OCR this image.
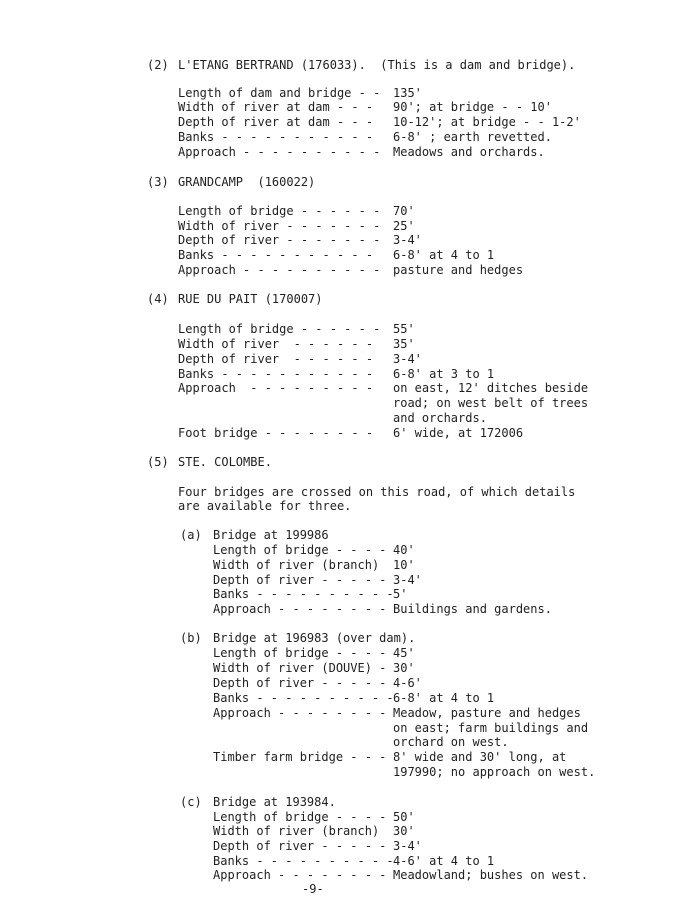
(2) L'ETANG BERTRAND (176033).  (This is a dam and bridge).
Length of dam and bridge - - 135'
Width of river at dam - - - 90'; at bridge - - 10'
Depth of river at dam - - - 10-12'; at bridge - - 1-2'
Banks - - - - - - - - - - - 6-8' ; earth revetted.
Approach - - - - - - - - - - Meadows and orchards.
(3) GRANDCAMP  (160022)
Length of bridge - - - - - - 70'
Width of river - - - - - - - 25'
Depth of river - - - - - - - 3-4'
Banks - - - - - - - - - - - 6-8' at 4 to 1
Approach - - - - - - - - - - pasture and hedges
(4) RUE DU PAIT (170007)
Length of bridge - - - - - - 55'
Width of river  - - - - - - 35'
Depth of river  - - - - - - 3-4'
Banks - - - - - - - - - - - 6-8' at 3 to 1
Approach  - - - - - - - - - on east, 12' ditches beside
road; on west belt of trees
and orchards.
Foot bridge - - - - - - - - 6' wide, at 172006
(5) STE. COLOMBE.
Four bridges are crossed on this road, of which details
are available for three.
(a) Bridge at 199986
Length of bridge - - - - 40'
Width of river (branch) 10'
Depth of river - - - - - 3-4'
Banks - - - - - - - - - - 5'
Approach - - - - - - - - Buildings and gardens.
(b) Bridge at 196983 (over dam).
Length of bridge - - - - 45'
Width of river (DOUVE) - 30'
Depth of river - - - - - 4-6'
Banks - - - - - - - - - - 6-8' at 4 to 1
Approach - - - - - - - - Meadow, pasture and hedges
on east; farm buildings and
orchard on west.
Timber farm bridge - - - 8' wide and 30' long, at
197990; no approach on west.
(c) Bridge at 193984.
Length of bridge - - - - 50'
Width of river (branch) 30'
Depth of river - - - - - 3-4'
Banks - - - - - - - - - - 4-6' at 4 to 1
Approach - - - - - - - - Meadowland; bushes on west.
-9-
